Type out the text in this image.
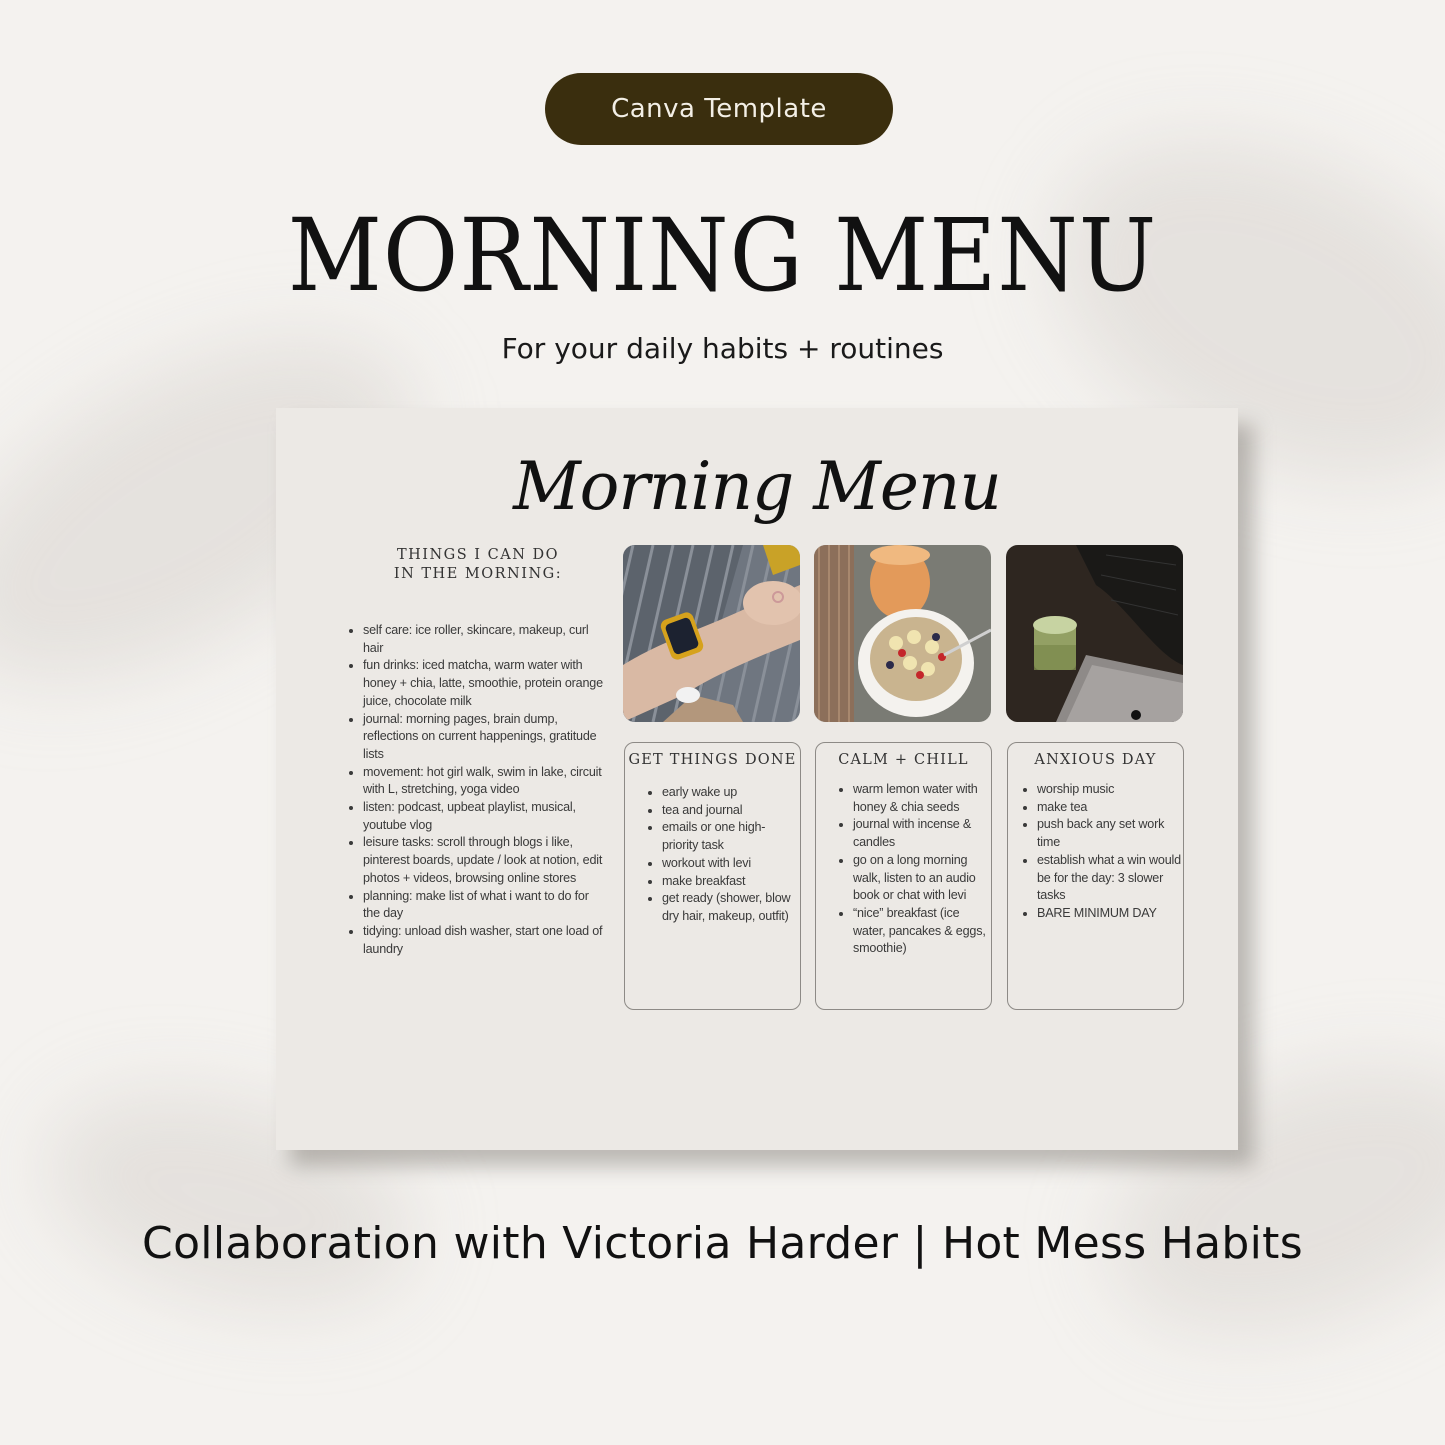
Canva Template
MORNING MENU
For your daily habits + routines
Morning Menu
THINGS I CAN DO
IN THE MORNING:
• self care: ice roller, skincare, makeup, curl hair
• fun drinks: iced matcha, warm water with honey + chia, latte, smoothie, protein orange juice, chocolate milk
• journal: morning pages, brain dump, reflections on current happenings, gratitude lists
• movement: hot girl walk, swim in lake, circuit with L, stretching, yoga video
• listen: podcast, upbeat playlist, musical, youtube vlog
• leisure tasks: scroll through blogs i like, pinterest boards, update / look at notion, edit photos + videos, browsing online stores
• planning: make list of what i want to do for the day
• tidying: unload dish washer, start one load of laundry
GET THINGS DONE
• early wake up
• tea and journal
• emails or one high-priority task
• workout with levi
• make breakfast
• get ready (shower, blow dry hair, makeup, outfit)
CALM + CHILL
• warm lemon water with honey & chia seeds
• journal with incense & candles
• go on a long morning walk, listen to an audio book or chat with levi
• “nice” breakfast (ice water, pancakes & eggs, smoothie)
ANXIOUS DAY
• worship music
• make tea
• push back any set work time
• establish what a win would be for the day: 3 slower tasks
• BARE MINIMUM DAY
Collaboration with Victoria Harder | Hot Mess Habits
